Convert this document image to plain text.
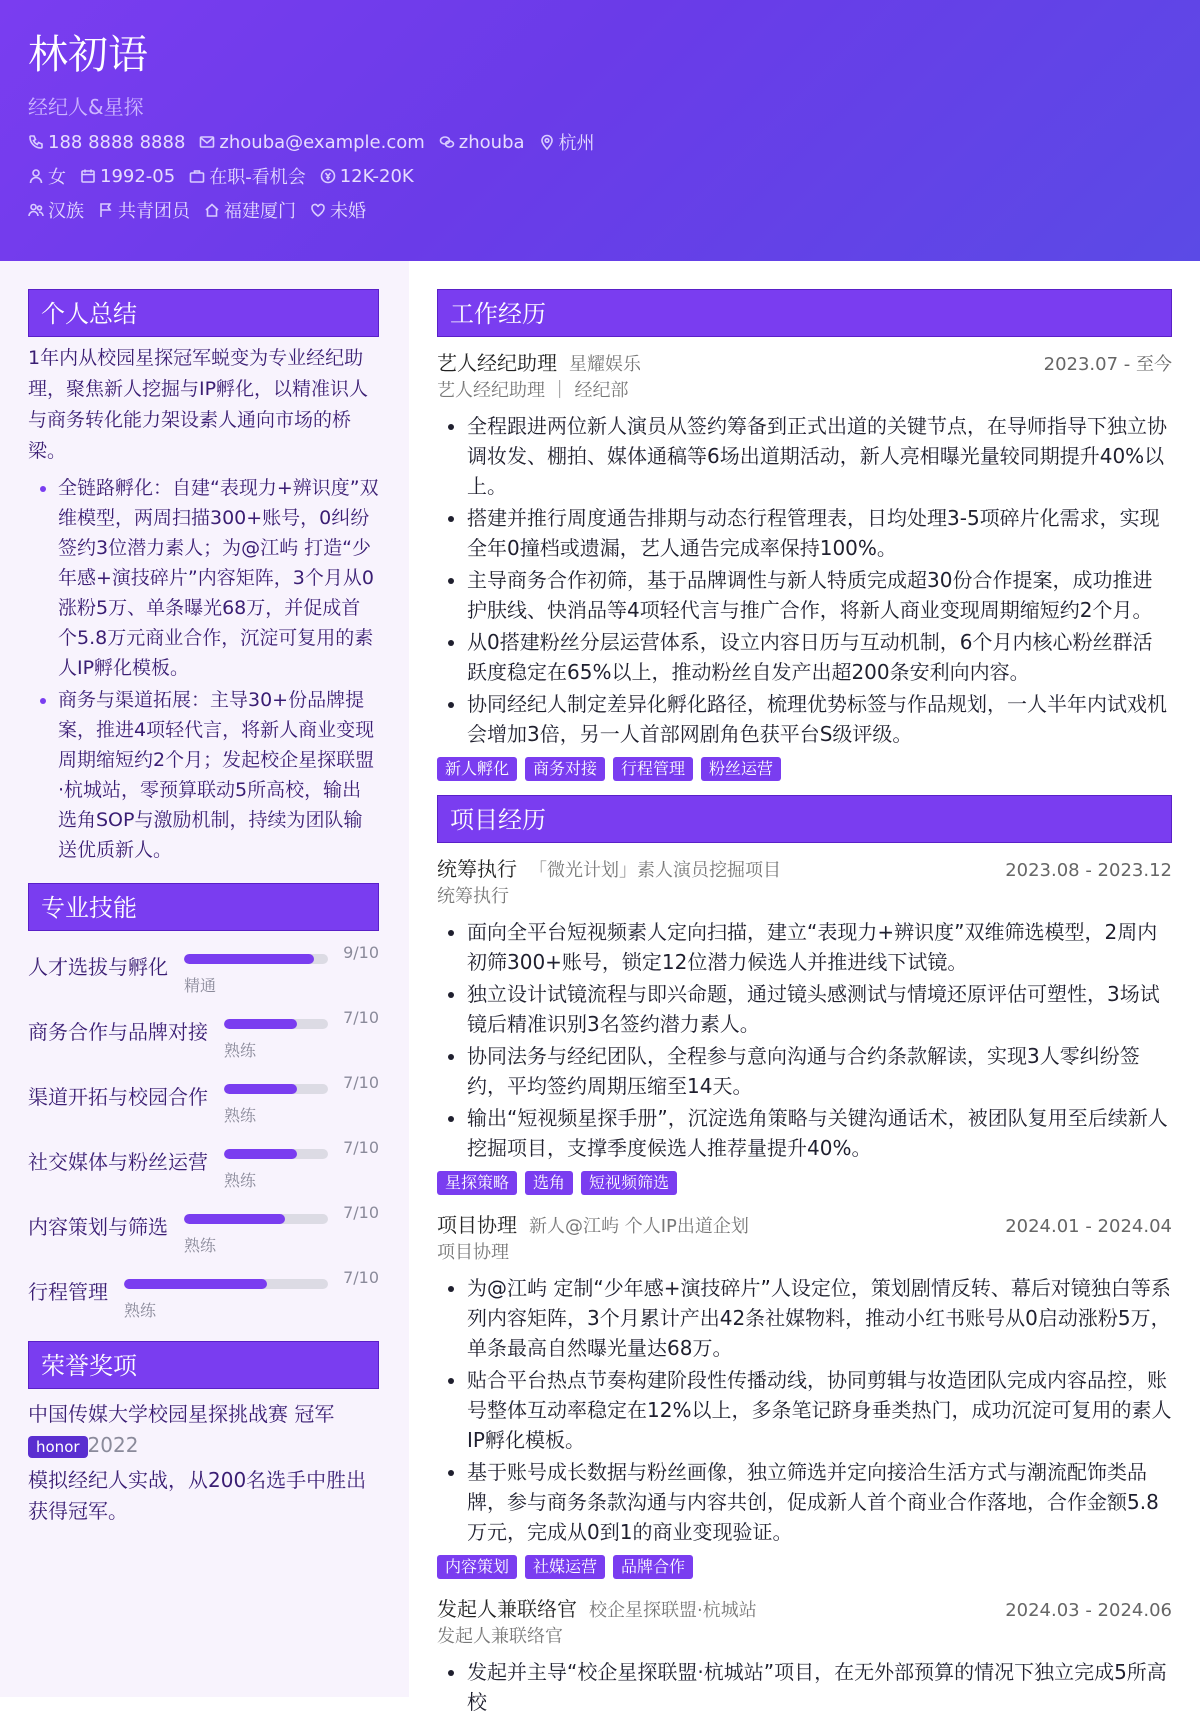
林初语
经纪人&星探
188 8888 8888 zhouba@example.com zhouba 杭州
女 1992-05 在职-看机会 12K-20K
汉族 共青团员 福建厦门 未婚
个人总结
1年内从校园星探冠军蜕变为专业经纪助理，聚焦新人挖掘与IP孵化，以精准识人与商务转化能力架设素人通向市场的桥梁。
• 全链路孵化：自建“表现力+辨识度”双维模型，两周扫描300+账号，0纠纷签约3位潜力素人；为@江屿 打造“少年感+演技碎片”内容矩阵，3个月从0涨粉5万、单条曝光68万，并促成首个5.8万元商业合作，沉淀可复用的素人IP孵化模板。
• 商务与渠道拓展：主导30+份品牌提案，推进4项轻代言，将新人商业变现周期缩短约2个月；发起校企星探联盟·杭城站，零预算联动5所高校，输出选角SOP与激励机制，持续为团队输送优质新人。
专业技能
人才选拔与孵化
9/10
精通
商务合作与品牌对接
7/10
熟练
渠道开拓与校园合作
7/10
熟练
社交媒体与粉丝运营
7/10
熟练
内容策划与筛选
7/10
熟练
行程管理
7/10
熟练
荣誉奖项
中国传媒大学校园星探挑战赛 冠军 honor 2022
模拟经纪人实战，从200名选手中胜出获得冠军。
工作经历
艺人经纪助理 星耀娱乐	2023.07 - 至今
艺人经纪助理 ｜ 经纪部
• 全程跟进两位新人演员从签约筹备到正式出道的关键节点，在导师指导下独立协调妆发、棚拍、媒体通稿等6场出道期活动，新人亮相曝光量较同期提升40%以上。
• 搭建并推行周度通告排期与动态行程管理表，日均处理3-5项碎片化需求，实现全年0撞档或遗漏，艺人通告完成率保持100%。
• 主导商务合作初筛，基于品牌调性与新人特质完成超30份合作提案，成功推进护肤线、快消品等4项轻代言与推广合作，将新人商业变现周期缩短约2个月。
• 从0搭建粉丝分层运营体系，设立内容日历与互动机制，6个月内核心粉丝群活跃度稳定在65%以上，推动粉丝自发产出超200条安利向内容。
• 协同经纪人制定差异化孵化路径，梳理优势标签与作品规划，一人半年内试戏机会增加3倍，另一人首部网剧角色获平台S级评级。
新人孵化	商务对接	行程管理	粉丝运营
项目经历
统筹执行 「微光计划」素人演员挖掘项目	2023.08 - 2023.12
统筹执行
• 面向全平台短视频素人定向扫描，建立“表现力+辨识度”双维筛选模型，2周内初筛300+账号，锁定12位潜力候选人并推进线下试镜。
• 独立设计试镜流程与即兴命题，通过镜头感测试与情境还原评估可塑性，3场试镜后精准识别3名签约潜力素人。
• 协同法务与经纪团队，全程参与意向沟通与合约条款解读，实现3人零纠纷签约，平均签约周期压缩至14天。
• 输出“短视频星探手册”，沉淀选角策略与关键沟通话术，被团队复用至后续新人挖掘项目，支撑季度候选人推荐量提升40%。
星探策略	选角	短视频筛选
项目协理 新人@江屿 个人IP出道企划	2024.01 - 2024.04
项目协理
• 为@江屿 定制“少年感+演技碎片”人设定位，策划剧情反转、幕后对镜独白等系列内容矩阵，3个月累计产出42条社媒物料，推动小红书账号从0启动涨粉5万，单条最高自然曝光量达68万。
• 贴合平台热点节奏构建阶段性传播动线，协同剪辑与妆造团队完成内容品控，账号整体互动率稳定在12%以上，多条笔记跻身垂类热门，成功沉淀可复用的素人IP孵化模板。
• 基于账号成长数据与粉丝画像，独立筛选并定向接洽生活方式与潮流配饰类品牌，参与商务条款沟通与内容共创，促成新人首个商业合作落地，合作金额5.8万元，完成从0到1的商业变现验证。
内容策划	社媒运营	品牌合作
发起人兼联络官 校企星探联盟·杭城站	2024.03 - 2024.06
发起人兼联络官
• 发起并主导“校企星探联盟·杭城站”项目，在无外部预算的情况下独立完成5所高校
